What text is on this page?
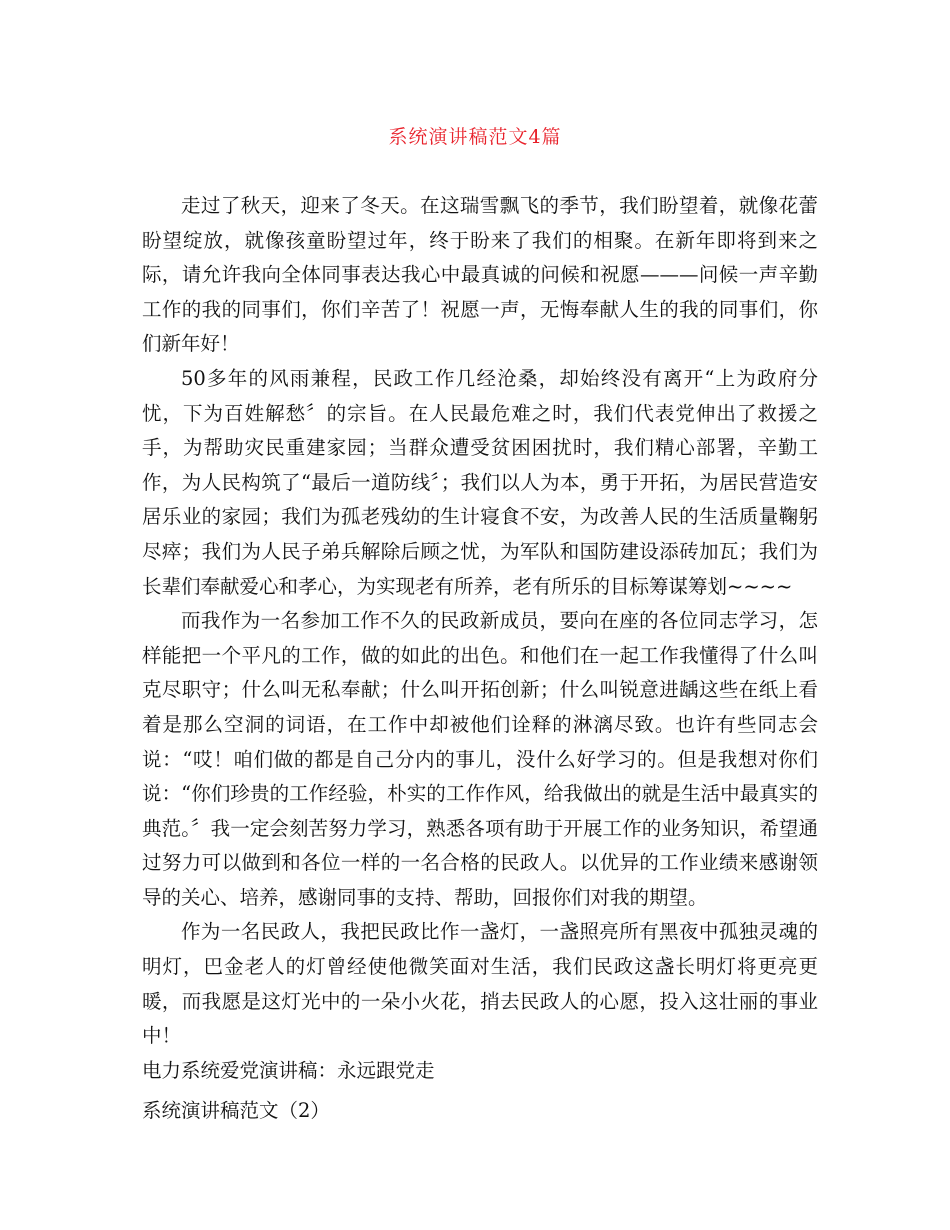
系统演讲稿范文4篇

走过了秋天，迎来了冬天。在这瑞雪飘飞的季节，我们盼望着，就像花蕾盼望绽放，就像孩童盼望过年，终于盼来了我们的相聚。在新年即将到来之际，请允许我向全体同事表达我心中最真诚的问候和祝愿———问候一声辛勤工作的我的同事们，你们辛苦了！祝愿一声，无悔奉献人生的我的同事们，你们新年好！

50多年的风雨兼程，民政工作几经沧桑，却始终没有离开“上为政府分忧，下为百姓解愁〞的宗旨。在人民最危难之时，我们代表党伸出了救援之手，为帮助灾民重建家园；当群众遭受贫困困扰时，我们精心部署，辛勤工作，为人民构筑了“最后一道防线〞；我们以人为本，勇于开拓，为居民营造安居乐业的家园；我们为孤老残幼的生计寝食不安，为改善人民的生活质量鞠躬尽瘁；我们为人民子弟兵解除后顾之忧，为军队和国防建设添砖加瓦；我们为长辈们奉献爱心和孝心，为实现老有所养，老有所乐的目标筹谋筹划~~~~

而我作为一名参加工作不久的民政新成员，要向在座的各位同志学习，怎样能把一个平凡的工作，做的如此的出色。和他们在一起工作我懂得了什么叫克尽职守；什么叫无私奉献；什么叫开拓创新；什么叫锐意进龋这些在纸上看着是那么空洞的词语，在工作中却被他们诠释的淋漓尽致。也许有些同志会说：“哎！咱们做的都是自己分内的事儿，没什么好学习的。但是我想对你们说：“你们珍贵的工作经验，朴实的工作作风，给我做出的就是生活中最真实的典范。〞我一定会刻苦努力学习，熟悉各项有助于开展工作的业务知识，希望通过努力可以做到和各位一样的一名合格的民政人。以优异的工作业绩来感谢领导的关心、培养，感谢同事的支持、帮助，回报你们对我的期望。

作为一名民政人，我把民政比作一盏灯，一盏照亮所有黑夜中孤独灵魂的明灯，巴金老人的灯曾经使他微笑面对生活，我们民政这盏长明灯将更亮更暖，而我愿是这灯光中的一朵小火花，捎去民政人的心愿，投入这壮丽的事业中！

电力系统爱党演讲稿：永远跟党走

系统演讲稿范文（2）
